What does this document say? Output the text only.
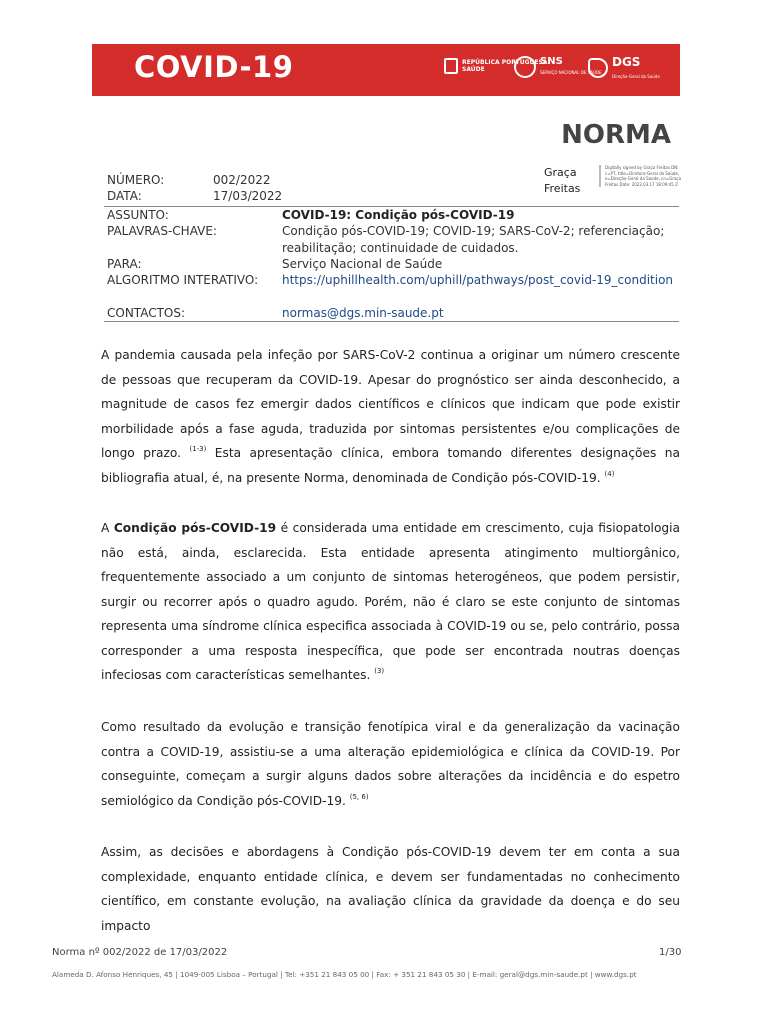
COVID-19	REPÚBLICA PORTUGUESA
SAÚDE
SNS
SERVIÇO NACIONAL DE SAÚDE
DGS
Direção-Geral da Saúde
NORMA
Graça
Freitas
Digitally signed by Graça Freitas DN: c=PT, title=Diretora-Geral da Saúde, o=Direção-Geral da Saúde, cn=Graça Freitas Date: 2022.03.17 18:09:45 Z
NÚMERO:	002/2022
DATA:	17/03/2022
ASSUNTO:	COVID-19: Condição pós-COVID-19
PALAVRAS-CHAVE:	Condição pós-COVID-19; COVID-19; SARS-CoV-2; referenciação; reabilitação; continuidade de cuidados.
PARA:	Serviço Nacional de Saúde
ALGORITMO INTERATIVO: https://uphillhealth.com/uphill/pathways/post_covid-19_condition
CONTACTOS:	normas@dgs.min-saude.pt
A pandemia causada pela infeção por SARS-CoV-2 continua a originar um número crescente de pessoas que recuperam da COVID-19. Apesar do prognóstico ser ainda desconhecido, a magnitude de casos fez emergir dados científicos e clínicos que indicam que pode existir morbilidade após a fase aguda, traduzida por sintomas persistentes e/ou complicações de longo prazo. $^{(1-3)}$ Esta apresentação clínica, embora tomando diferentes designações na bibliografia atual, é, na presente Norma, denominada de Condição pós-COVID-19. $^{(4)}$
A Condição pós-COVID-19 é considerada uma entidade em crescimento, cuja fisiopatologia não está, ainda, esclarecida. Esta entidade apresenta atingimento multiorgânico, frequentemente associado a um conjunto de sintomas heterogéneos, que podem persistir, surgir ou recorrer após o quadro agudo. Porém, não é claro se este conjunto de sintomas representa uma síndrome clínica especifica associada à COVID-19 ou se, pelo contrário, possa corresponder a uma resposta inespecífica, que pode ser encontrada noutras doenças infeciosas com características semelhantes. $^{(3)}$
Como resultado da evolução e transição fenotípica viral e da generalização da vacinação contra a COVID-19, assistiu-se a uma alteração epidemiológica e clínica da COVID-19. Por conseguinte, começam a surgir alguns dados sobre alterações da incidência e do espetro semiológico da Condição pós-COVID-19. $^{(5, 6)}$
Assim, as decisões e abordagens à Condição pós-COVID-19 devem ter em conta a sua complexidade, enquanto entidade clínica, e devem ser fundamentadas no conhecimento científico, em constante evolução, na avaliação clínica da gravidade da doença e do seu impacto
Norma nº 002/2022 de 17/03/2022	1/30
Alameda D. Afonso Henriques, 45 | 1049-005 Lisboa – Portugal | Tel: +351 21 843 05 00 | Fax: + 351 21 843 05 30 | E-mail: geral@dgs.min-saude.pt | www.dgs.pt
